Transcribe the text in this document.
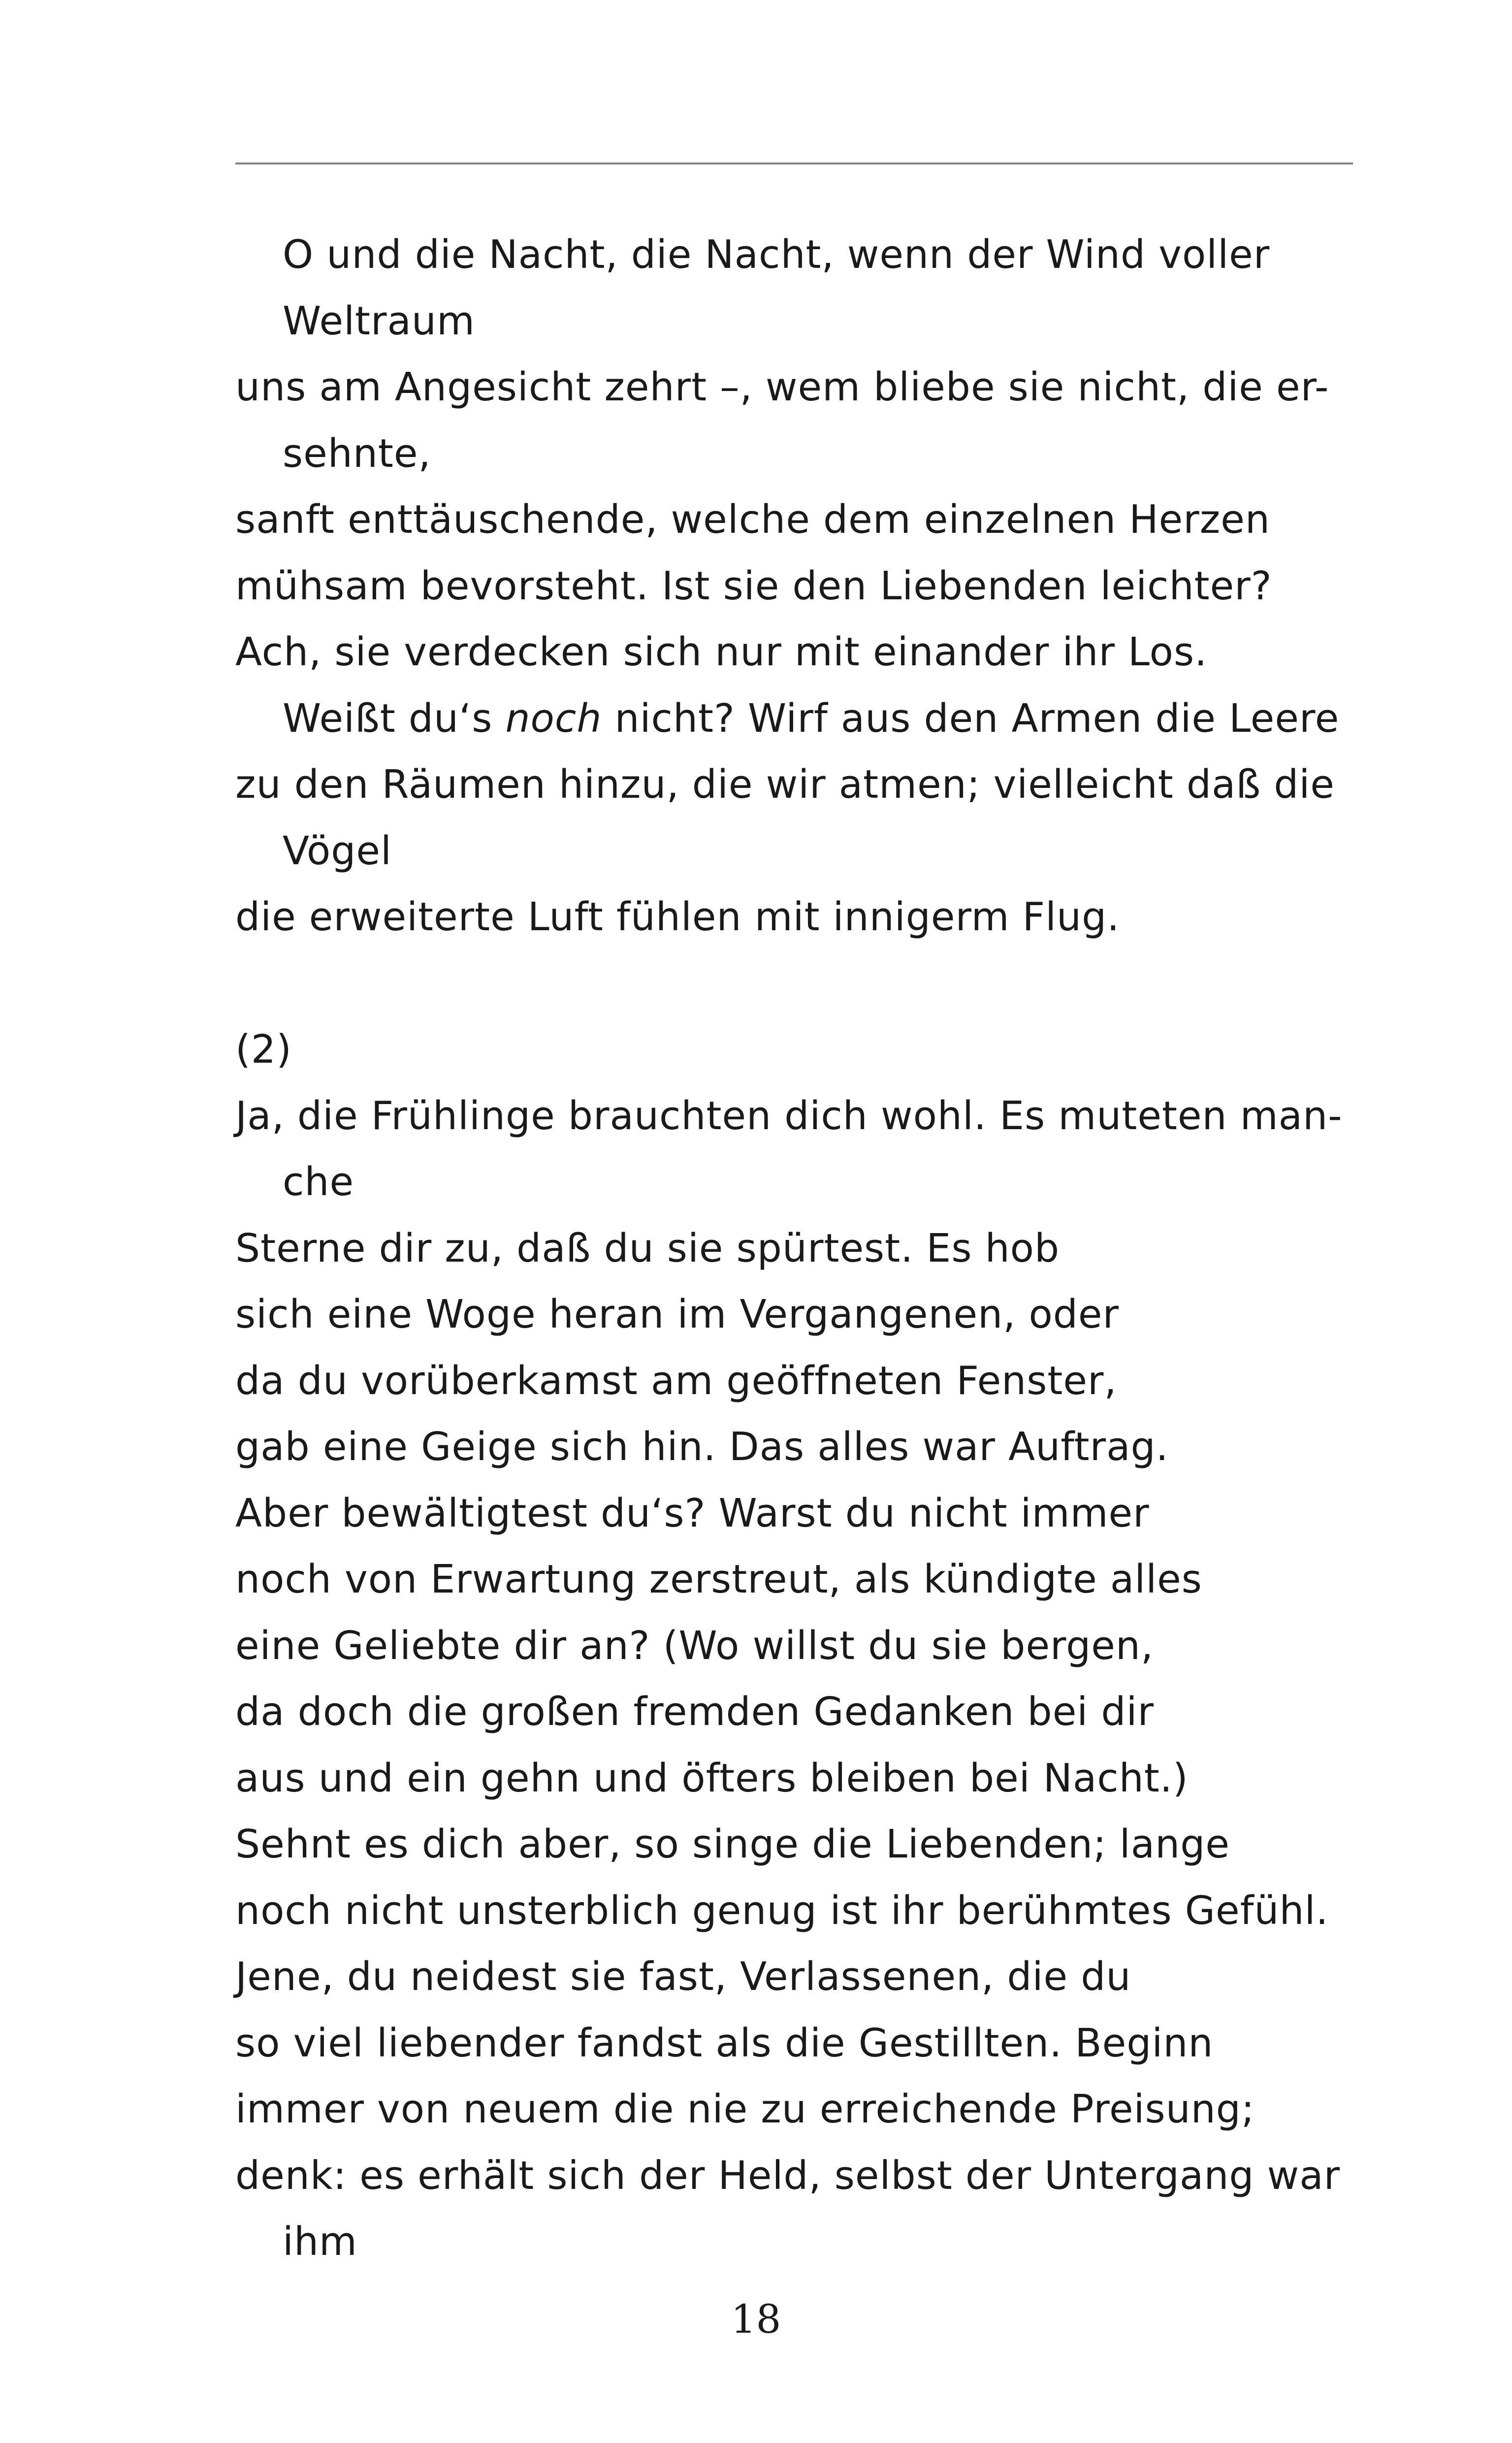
O und die Nacht, die Nacht, wenn der Wind voller
Weltraum
uns am Angesicht zehrt –, wem bliebe sie nicht, die er-
sehnte,
sanft enttäuschende, welche dem einzelnen Herzen
mühsam bevorsteht. Ist sie den Liebenden leichter?
Ach, sie verdecken sich nur mit einander ihr Los.
Weißt du‘s noch nicht? Wirf aus den Armen die Leere
zu den Räumen hinzu, die wir atmen; vielleicht daß die
Vögel
die erweiterte Luft fühlen mit innigerm Flug.
(2)
Ja, die Frühlinge brauchten dich wohl. Es muteten man-
che
Sterne dir zu, daß du sie spürtest. Es hob
sich eine Woge heran im Vergangenen, oder
da du vorüberkamst am geöffneten Fenster,
gab eine Geige sich hin. Das alles war Auftrag.
Aber bewältigtest du‘s? Warst du nicht immer
noch von Erwartung zerstreut, als kündigte alles
eine Geliebte dir an? (Wo willst du sie bergen,
da doch die großen fremden Gedanken bei dir
aus und ein gehn und öfters bleiben bei Nacht.)
Sehnt es dich aber, so singe die Liebenden; lange
noch nicht unsterblich genug ist ihr berühmtes Gefühl.
Jene, du neidest sie fast, Verlassenen, die du
so viel liebender fandst als die Gestillten. Beginn
immer von neuem die nie zu erreichende Preisung;
denk: es erhält sich der Held, selbst der Untergang war
ihm
18
